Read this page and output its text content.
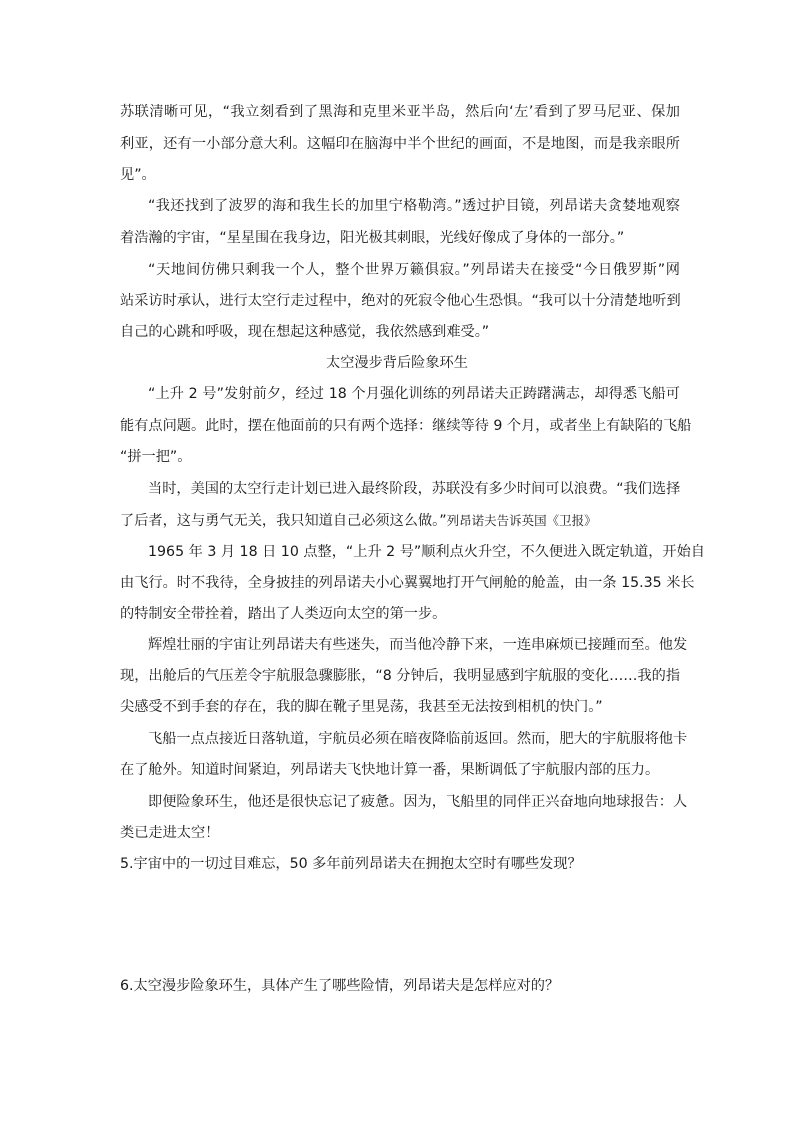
苏联清晰可见，“我立刻看到了黑海和克里米亚半岛，然后向‘左’看到了罗马尼亚、保加
利亚，还有一小部分意大利。这幅印在脑海中半个世纪的画面，不是地图，而是我亲眼所
见”。
“我还找到了波罗的海和我生长的加里宁格勒湾。”透过护目镜，列昂诺夫贪婪地观察
着浩瀚的宇宙，“星星围在我身边，阳光极其刺眼，光线好像成了身体的一部分。”
“天地间仿佛只剩我一个人，整个世界万籁俱寂。”列昂诺夫在接受“今日俄罗斯”网
站采访时承认，进行太空行走过程中，绝对的死寂令他心生恐惧。“我可以十分清楚地听到
自己的心跳和呼吸，现在想起这种感觉，我依然感到难受。”
太空漫步背后险象环生
“上升 2 号”发射前夕，经过 18 个月强化训练的列昂诺夫正踌躇满志，却得悉飞船可
能有点问题。此时，摆在他面前的只有两个选择：继续等待 9 个月，或者坐上有缺陷的飞船
“拼一把”。
当时，美国的太空行走计划已进入最终阶段，苏联没有多少时间可以浪费。“我们选择
了后者，这与勇气无关，我只知道自己必须这么做。”列昂诺夫告诉英国《卫报》
1965 年 3 月 18 日 10 点整，“上升 2 号”顺利点火升空，不久便进入既定轨道，开始自
由飞行。时不我待，全身披挂的列昂诺夫小心翼翼地打开气闸舱的舱盖，由一条 15.35 米长
的特制安全带拴着，踏出了人类迈向太空的第一步。
辉煌壮丽的宇宙让列昂诺夫有些迷失，而当他冷静下来，一连串麻烦已接踵而至。他发
现，出舱后的气压差令宇航服急骤膨胀，“8 分钟后，我明显感到宇航服的变化……我的指
尖感受不到手套的存在，我的脚在靴子里晃荡，我甚至无法按到相机的快门。”
飞船一点点接近日落轨道，宇航员必须在暗夜降临前返回。然而，肥大的宇航服将他卡
在了舱外。知道时间紧迫，列昂诺夫飞快地计算一番，果断调低了宇航服内部的压力。
即便险象环生，他还是很快忘记了疲惫。因为，飞船里的同伴正兴奋地向地球报告：人
类已走进太空！
5.宇宙中的一切过目难忘，50 多年前列昂诺夫在拥抱太空时有哪些发现？
6.太空漫步险象环生，具体产生了哪些险情，列昂诺夫是怎样应对的？
